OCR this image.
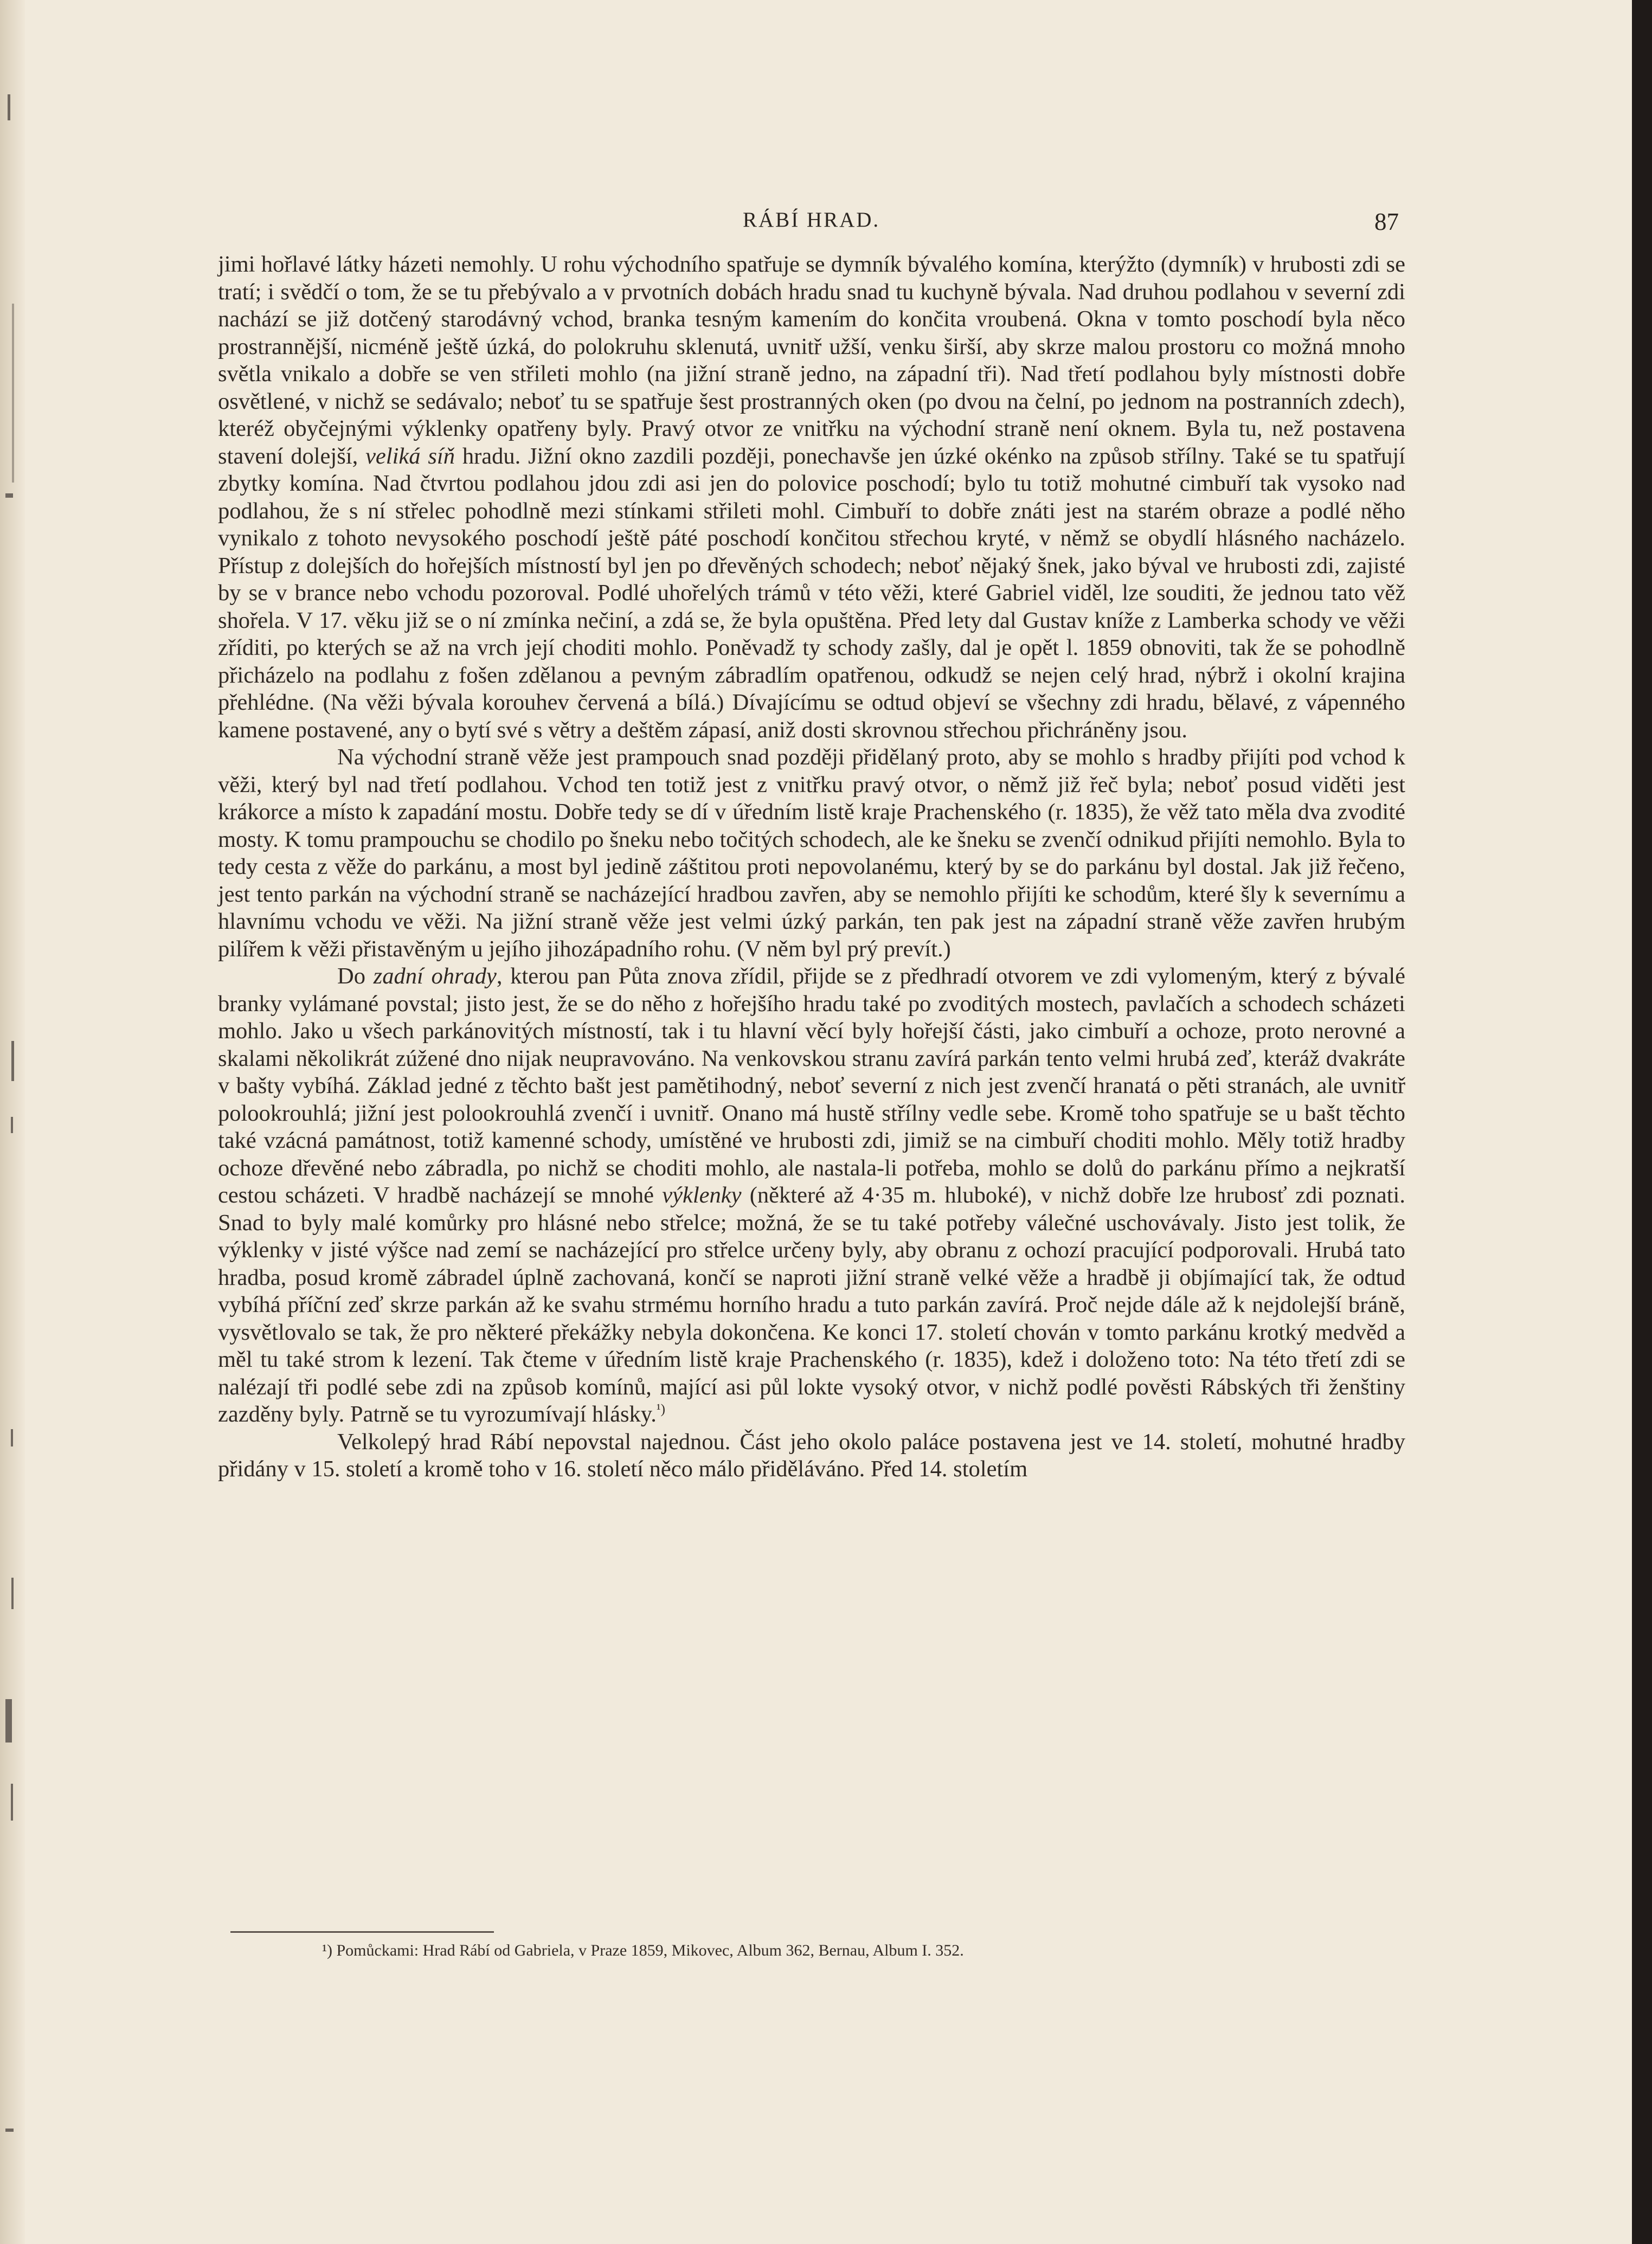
RÁBÍ HRAD.	87

jimi hořlavé látky házeti nemohly. U rohu východního spatřuje se dymník bývalého komína, kterýžto (dymník) v hrubosti zdi se tratí; i svědčí o tom, že se tu přebývalo a v prvotních dobách hradu snad tu kuchyně bývala. Nad druhou podlahou v severní zdi nachází se již dotčený starodávný vchod, branka tesným kamením do končita vroubená. Okna v tomto poschodí byla něco prostrannější, nicméně ještě úzká, do polokruhu sklenutá, uvnitř užší, venku širší, aby skrze malou prostoru co možná mnoho světla vnikalo a dobře se ven střileti mohlo (na jižní straně jedno, na západní tři). Nad třetí podlahou byly místnosti dobře osvětlené, v nichž se sedávalo; neboť tu se spatřuje šest prostranných oken (po dvou na čelní, po jednom na postranních zdech), kteréž obyčejnými výklenky opatřeny byly. Pravý otvor ze vnitřku na východní straně není oknem. Byla tu, než postavena stavení dolejší, veliká síň hradu. Jižní okno zazdili později, ponechavše jen úzké okénko na způsob střílny. Také se tu spatřují zbytky komína. Nad čtvrtou podlahou jdou zdi asi jen do polovice poschodí; bylo tu totiž mohutné cimbuří tak vysoko nad podlahou, že s ní střelec pohodlně mezi stínkami střileti mohl. Cimbuří to dobře znáti jest na starém obraze a podlé něho vynikalo z tohoto nevysokého poschodí ještě páté poschodí končitou střechou kryté, v němž se obydlí hlásného nacházelo. Přístup z dolejších do hořejších místností byl jen po dřevěných schodech; neboť nějaký šnek, jako býval ve hrubosti zdi, zajisté by se v brance nebo vchodu pozoroval. Podlé uhořelých trámů v této věži, které Gabriel viděl, lze souditi, že jednou tato věž shořela. V 17. věku již se o ní zmínka nečiní, a zdá se, že byla opuštěna. Před lety dal Gustav kníže z Lamberka schody ve věži zříditi, po kterých se až na vrch její choditi mohlo. Poněvadž ty schody zašly, dal je opět l. 1859 obnoviti, tak že se pohodlně přicházelo na podlahu z fošen zdělanou a pevným zábradlím opatřenou, odkudž se nejen celý hrad, nýbrž i okolní krajina přehlédne. (Na věži bývala korouhev červená a bílá.) Dívajícímu se odtud objeví se všechny zdi hradu, bělavé, z vápenného kamene postavené, any o bytí své s větry a deštěm zápasí, aniž dosti skrovnou střechou přichráněny jsou.

Na východní straně věže jest prampouch snad později přidělaný proto, aby se mohlo s hradby přijíti pod vchod k věži, který byl nad třetí podlahou. Vchod ten totiž jest z vnitřku pravý otvor, o němž již řeč byla; neboť posud viděti jest krákorce a místo k zapadání mostu. Dobře tedy se dí v úředním listě kraje Prachenského (r. 1835), že věž tato měla dva zvodité mosty. K tomu prampouchu se chodilo po šneku nebo točitých schodech, ale ke šneku se zvenčí odnikud přijíti nemohlo. Byla to tedy cesta z věže do parkánu, a most byl jedině záštitou proti nepovolanému, který by se do parkánu byl dostal. Jak již řečeno, jest tento parkán na východní straně se nacházející hradbou zavřen, aby se nemohlo přijíti ke schodům, které šly k severnímu a hlavnímu vchodu ve věži. Na jižní straně věže jest velmi úzký parkán, ten pak jest na západní straně věže zavřen hrubým pilířem k věži přistavěným u jejího jihozápadního rohu. (V něm byl prý prevít.)

Do zadní ohrady, kterou pan Půta znova zřídil, přijde se z předhradí otvorem ve zdi vylomeným, který z bývalé branky vylámané povstal; jisto jest, že se do něho z hořejšího hradu také po zvoditých mostech, pavlačích a schodech scházeti mohlo. Jako u všech parkánovitých místností, tak i tu hlavní věcí byly hořejší části, jako cimbuří a ochoze, proto nerovné a skalami několikrát zúžené dno nijak neupravováno. Na venkovskou stranu zavírá parkán tento velmi hrubá zeď, kteráž dvakráte v bašty vybíhá. Základ jedné z těchto bašt jest pamětihodný, neboť severní z nich jest zvenčí hranatá o pěti stranách, ale uvnitř polookrouhlá; jižní jest polookrouhlá zvenčí i uvnitř. Onano má hustě střílny vedle sebe. Kromě toho spatřuje se u bašt těchto také vzácná památnost, totiž kamenné schody, umístěné ve hrubosti zdi, jimiž se na cimbuří choditi mohlo. Měly totiž hradby ochoze dřevěné nebo zábradla, po nichž se choditi mohlo, ale nastala-li potřeba, mohlo se dolů do parkánu přímo a nejkratší cestou scházeti. V hradbě nacházejí se mnohé výklenky (některé až 4·35 m. hluboké), v nichž dobře lze hrubosť zdi poznati. Snad to byly malé komůrky pro hlásné nebo střelce; možná, že se tu také potřeby válečné uschovávaly. Jisto jest tolik, že výklenky v jisté výšce nad zemí se nacházející pro střelce určeny byly, aby obranu z ochozí pracující podporovali. Hrubá tato hradba, posud kromě zábradel úplně zachovaná, končí se naproti jižní straně velké věže a hradbě ji objímající tak, že odtud vybíhá příční zeď skrze parkán až ke svahu strmému horního hradu a tuto parkán zavírá. Proč nejde dále až k nejdolejší bráně, vysvětlovalo se tak, že pro některé překážky nebyla dokončena. Ke konci 17. století chován v tomto parkánu krotký medvěd a měl tu také strom k lezení. Tak čteme v úředním listě kraje Prachenského (r. 1835), kdež i doloženo toto: Na této třetí zdi se nalézají tři podlé sebe zdi na způsob komínů, mající asi půl lokte vysoký otvor, v nichž podlé pověsti Rábských tři ženštiny zazděny byly. Patrně se tu vyrozumívají hlásky.$^{^1)}$

Velkolepý hrad Rábí nepovstal najednou. Část jeho okolo paláce postavena jest ve 14. století, mohutné hradby přidány v 15. století a kromě toho v 16. století něco málo přiděláváno. Před 14. stoletím

¹) Pomůckami: Hrad Rábí od Gabriela, v Praze 1859, Mikovec, Album 362, Bernau, Album I. 352.
